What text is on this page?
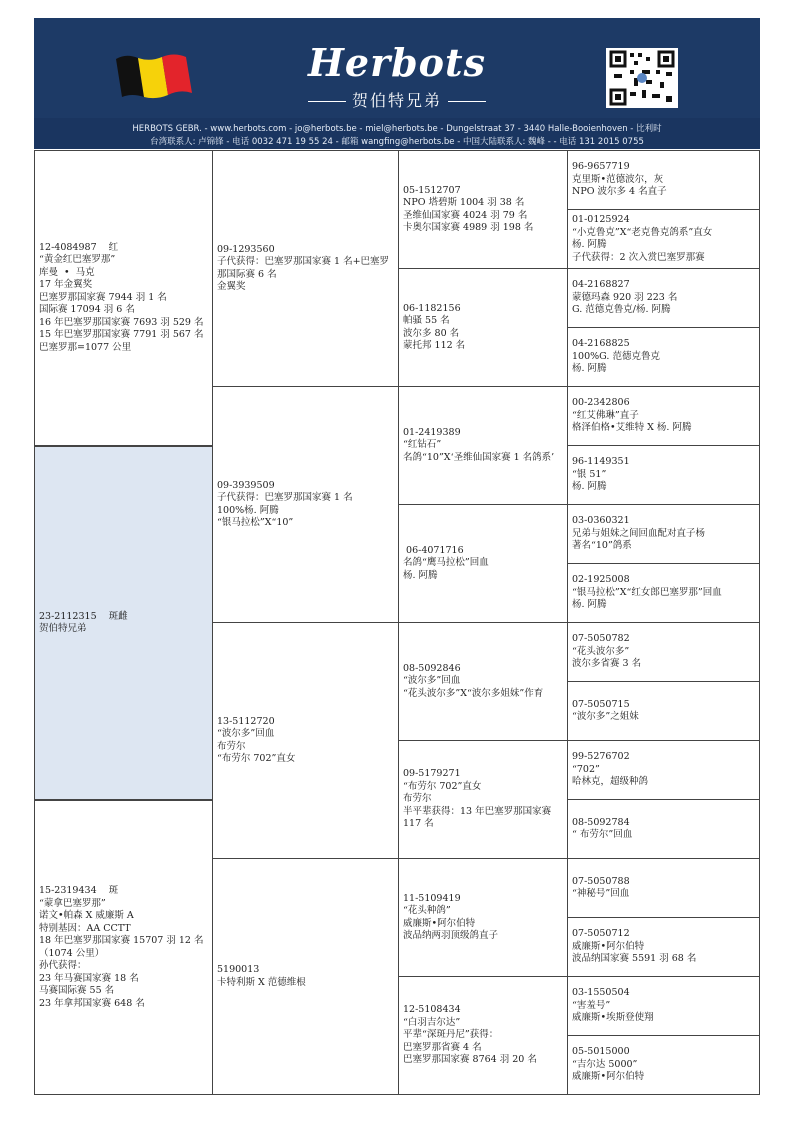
Herbots
贺伯特兄弟
HERBOTS GEBR. - www.herbots.com - jo@herbots.be - miel@herbots.be - Dungelstraat 37 - 3440 Halle-Booienhoven - 比利时
台湾联系人: 卢锦锋 - 电话 0032 471 19 55 24 - 邮箱 wangfing@herbots.be - 中国大陆联系人: 魏峰 - - 电话 131 2015 0755
12-4084987    红
“黄金红巴塞罗那”
库曼  •  马克
17 年金翼奖
巴塞罗那国家赛 7944 羽 1 名
国际赛 17094 羽 6 名
16 年巴塞罗那国家赛 7693 羽 529 名
15 年巴塞罗那国家赛 7791 羽 567 名
巴塞罗那=1077 公里
23-2112315    斑雌
贺伯特兄弟
15-2319434    斑
“蒙拿巴塞罗那”
诺文•帕森 X 威廉斯 A
特别基因：AA CCTT
18 年巴塞罗那国家赛 15707 羽 12 名
（1074 公里）
孙代获得：
23 年马赛国家赛 18 名
马赛国际赛 55 名
23 年拿邦国家赛 648 名
09-1293560
子代获得：巴塞罗那国家赛 1 名+巴塞罗那国际赛 6 名
金翼奖
09-3939509
子代获得：巴塞罗那国家赛 1 名
100%杨. 阿腾
“银马拉松”X“10”
13-5112720
“波尔多”回血
布劳尔
“布劳尔 702”直女
5190013
卡特利斯 X 范德维根
05-1512707
NPO 塔碧斯 1004 羽 38 名
圣维仙国家赛 4024 羽 79 名
卡奥尔国家赛 4989 羽 198 名
06-1182156
帕骚 55 名
波尔多 80 名
蒙托邦 112 名
01-2419389
“红钻石”
名鸽“10”X‘圣维仙国家赛 1 名鸽系’
06-4071716
名鸽“鹰马拉松”回血
杨. 阿腾
08-5092846
“波尔多”回血
“花头波尔多”X“波尔多姐妹”作育
09-5179271
“布劳尔 702”直女
布劳尔
半平辈获得：13 年巴塞罗那国家赛 117 名
11-5109419
“花头种鸽”
威廉斯•阿尔伯特
波品纳两羽顶级鸽直子
12-5108434
“白羽吉尔达”
平辈“深斑丹尼”获得：
巴塞罗那省赛 4 名
巴塞罗那国家赛 8764 羽 20 名
96-9657719
克里斯•范德波尔，灰
NPO 波尔多 4 名直子
01-0125924
“小克鲁克”X“老克鲁克鸽系”直女
杨. 阿腾
子代获得：2 次入赏巴塞罗那赛
04-2168827
蒙德玛森 920 羽 223 名
G. 范德克鲁克/杨. 阿腾
04-2168825
100%G. 范德克鲁克
杨. 阿腾
00-2342806
“红艾佛琳”直子
格泽伯格•艾维特 X 杨. 阿腾
96-1149351
“银 51”
杨. 阿腾
03-0360321
兄弟与姐妹之间回血配对直子杨
著名“10”鸽系
02-1925008
“银马拉松”X“红女郎巴塞罗那”回血
杨. 阿腾
07-5050782
“花头波尔多”
波尔多省赛 3 名
07-5050715
“波尔多”之姐妹
99-5276702
“702”
哈林克，超级种鸽
08-5092784
“ 布劳尔”回血
07-5050788
“神秘号”回血
07-5050712
威廉斯•阿尔伯特
波品纳国家赛 5591 羽 68 名
03-1550504
“害羞号”
威廉斯•埃斯登使翔
05-5015000
“吉尔达 5000”
威廉斯•阿尔伯特
